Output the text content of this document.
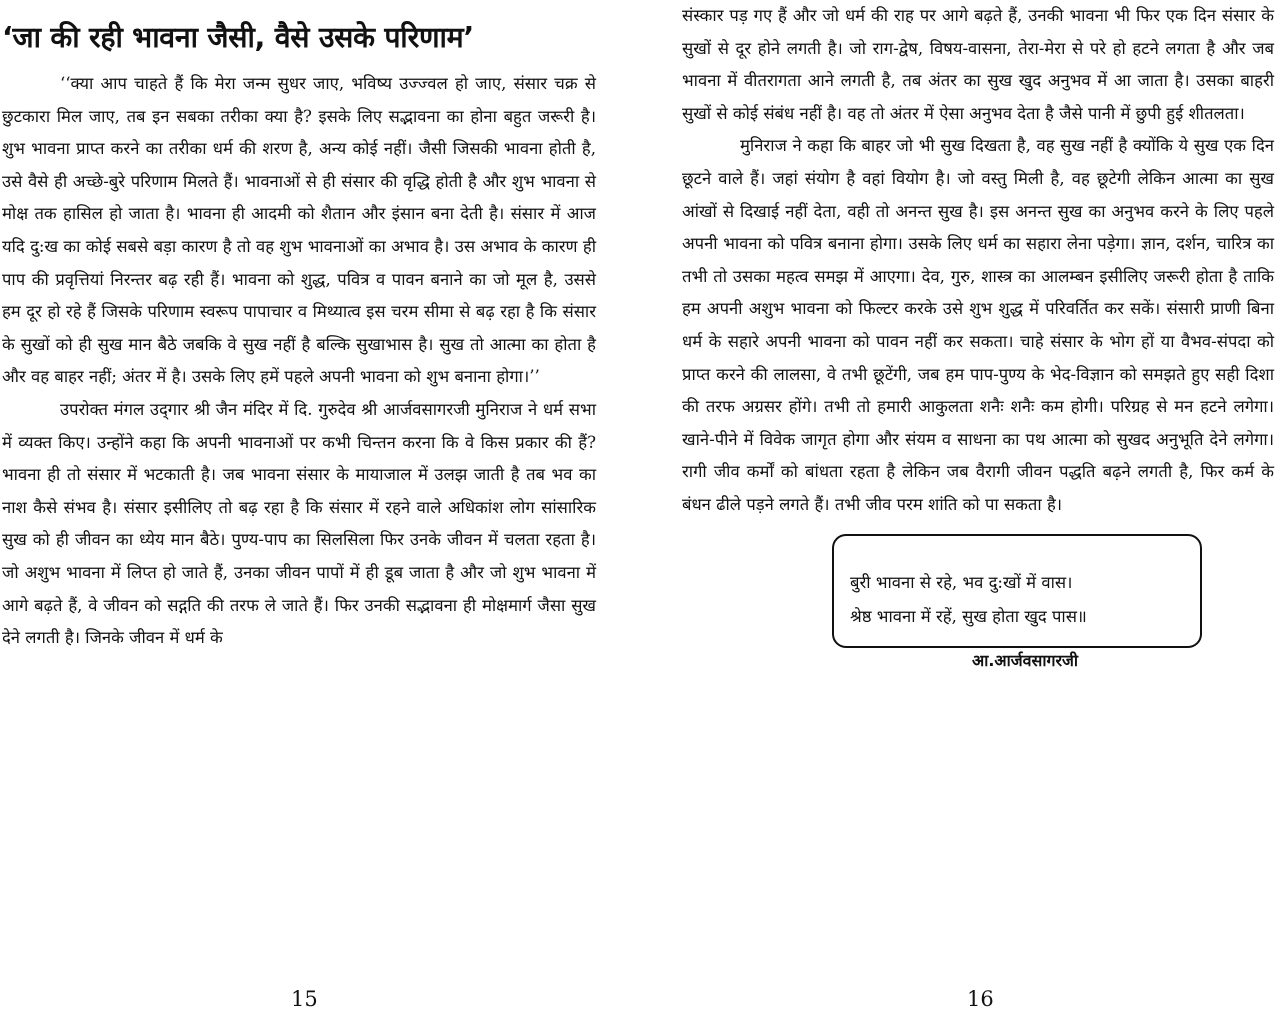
‘जा की रही भावना जैसी, वैसे उसके परिणाम’

‘‘क्या आप चाहते हैं कि मेरा जन्म सुधर जाए, भविष्य उज्ज्वल हो जाए, संसार चक्र से छुटकारा मिल जाए, तब इन सबका तरीका क्या है? इसके लिए सद्भावना का होना बहुत जरूरी है। शुभ भावना प्राप्त करने का तरीका धर्म की शरण है, अन्य कोई नहीं। जैसी जिसकी भावना होती है, उसे वैसे ही अच्छे-बुरे परिणाम मिलते हैं। भावनाओं से ही संसार की वृद्धि होती है और शुभ भावना से मोक्ष तक हासिल हो जाता है। भावना ही आदमी को शैतान और इंसान बना देती है। संसार में आज यदि दु:ख का कोई सबसे बड़ा कारण है तो वह शुभ भावनाओं का अभाव है। उस अभाव के कारण ही पाप की प्रवृत्तियां निरन्तर बढ़ रही हैं। भावना को शुद्ध, पवित्र व पावन बनाने का जो मूल है, उससे हम दूर हो रहे हैं जिसके परिणाम स्वरूप पापाचार व मिथ्यात्व इस चरम सीमा से बढ़ रहा है कि संसार के सुखों को ही सुख मान बैठे जबकि वे सुख नहीं है बल्कि सुखाभास है। सुख तो आत्मा का होता है और वह बाहर नहीं; अंतर में है। उसके लिए हमें पहले अपनी भावना को शुभ बनाना होगा।’’

उपरोक्त मंगल उद्‌गार श्री जैन मंदिर में दि. गुरुदेव श्री आर्जवसागरजी मुनिराज ने धर्म सभा में व्यक्त किए। उन्होंने कहा कि अपनी भावनाओं पर कभी चिन्तन करना कि वे किस प्रकार की हैं? भावना ही तो संसार में भटकाती है। जब भावना संसार के मायाजाल में उलझ जाती है तब भव का नाश कैसे संभव है। संसार इसीलिए तो बढ़ रहा है कि संसार में रहने वाले अधिकांश लोग सांसारिक सुख को ही जीवन का ध्येय मान बैठे। पुण्य-पाप का सिलसिला फिर उनके जीवन में चलता रहता है। जो अशुभ भावना में लिप्त हो जाते हैं, उनका जीवन पापों में ही डूब जाता है और जो शुभ भावना में आगे बढ़ते हैं, वे जीवन को सद्गति की तरफ ले जाते हैं। फिर उनकी सद्भावना ही मोक्षमार्ग जैसा सुख देने लगती है। जिनके जीवन में धर्म के

15

संस्कार पड़ गए हैं और जो धर्म की राह पर आगे बढ़ते हैं, उनकी भावना भी फिर एक दिन संसार के सुखों से दूर होने लगती है। जो राग-द्वेष, विषय-वासना, तेरा-मेरा से परे हो हटने लगता है और जब भावना में वीतरागता आने लगती है, तब अंतर का सुख खुद अनुभव में आ जाता है। उसका बाहरी सुखों से कोई संबंध नहीं है। वह तो अंतर में ऐसा अनुभव देता है जैसे पानी में छुपी हुई शीतलता।

मुनिराज ने कहा कि बाहर जो भी सुख दिखता है, वह सुख नहीं है क्योंकि ये सुख एक दिन छूटने वाले हैं। जहां संयोग है वहां वियोग है। जो वस्तु मिली है, वह छूटेगी लेकिन आत्मा का सुख आंखों से दिखाई नहीं देता, वही तो अनन्त सुख है। इस अनन्त सुख का अनुभव करने के लिए पहले अपनी भावना को पवित्र बनाना होगा। उसके लिए धर्म का सहारा लेना पड़ेगा। ज्ञान, दर्शन, चारित्र का तभी तो उसका महत्व समझ में आएगा। देव, गुरु, शास्त्र का आलम्बन इसीलिए जरूरी होता है ताकि हम अपनी अशुभ भावना को फिल्टर करके उसे शुभ शुद्ध में परिवर्तित कर सकें। संसारी प्राणी बिना धर्म के सहारे अपनी भावना को पावन नहीं कर सकता। चाहे संसार के भोग हों या वैभव-संपदा को प्राप्त करने की लालसा, वे तभी छूटेंगी, जब हम पाप-पुण्य के भेद-विज्ञान को समझते हुए सही दिशा की तरफ अग्रसर होंगे। तभी तो हमारी आकुलता शनैः शनैः कम होगी। परिग्रह से मन हटने लगेगा। खाने-पीने में विवेक जागृत होगा और संयम व साधना का पथ आत्मा को सुखद अनुभूति देने लगेगा। रागी जीव कर्मों को बांधता रहता है लेकिन जब वैरागी जीवन पद्धति बढ़ने लगती है, फिर कर्म के बंधन ढीले पड़ने लगते हैं। तभी जीव परम शांति को पा सकता है।

बुरी भावना से रहे, भव दु:खों में वास।
श्रेष्ठ भावना में रहें, सुख होता खुद पास॥
आ.आर्जवसागरजी
16
